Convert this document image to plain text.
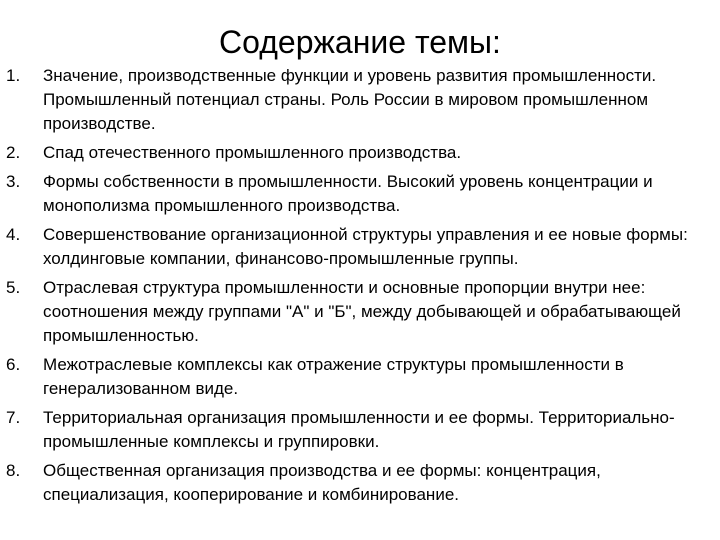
Содержание темы:
1.	Значение, производственные функции и уровень развития промышленности. Промышленный потенциал страны. Роль России в мировом промышленном производстве.
2.	Спад отечественного промышленного производства.
3.	Формы собственности в промышленности. Высокий уровень концентрации и монополизма промышленного производства.
4.	Совершенствование организационной структуры управления и ее новые формы: холдинговые компании, финансово-промышленные группы.
5.	Отраслевая структура промышленности и основные пропорции внутри нее: соотношения между группами "А" и "Б", между добывающей и обрабатывающей промышленностью.
6.	Межотраслевые комплексы как отражение структуры промышленности в генерализованном виде.
7.	Территориальная организация промышленности и ее формы. Территориально-промышленные комплексы и группировки.
8.	Общественная организация производства и ее формы: концентрация, специализация, кооперирование и комбинирование.
